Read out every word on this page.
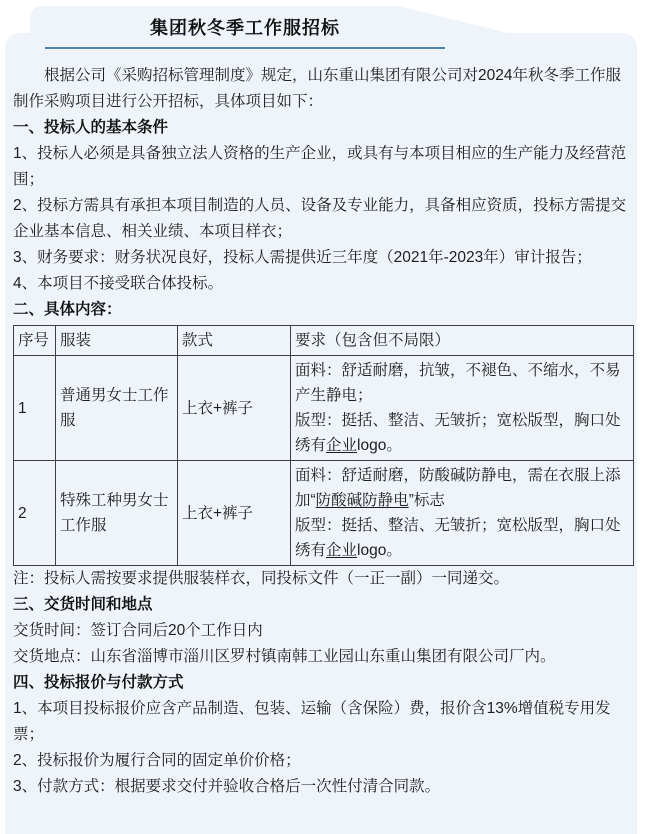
集团秋冬季工作服招标

根据公司《采购招标管理制度》规定，山东重山集团有限公司对2024年秋冬季工作服制作采购项目进行公开招标，具体项目如下：

一、投标人的基本条件

1、投标人必须是具备独立法人资格的生产企业，或具有与本项目相应的生产能力及经营范围；

2、投标方需具有承担本项目制造的人员、设备及专业能力，具备相应资质，投标方需提交企业基本信息、相关业绩、本项目样衣；

3、财务要求：财务状况良好，投标人需提供近三年度（2021年-2023年）审计报告；

4、本项目不接受联合体投标。

二、具体内容：

序号	服装	款式	要求（包含但不局限）
1	普通男女士工作服	上衣+裤子	面料：舒适耐磨，抗皱，不褪色、不缩水，不易产生静电；
版型：挺括、整洁、无皱折；宽松版型，胸口处绣有企业logo。

2	特殊工种男女士工作服	上衣+裤子	面料：舒适耐磨，防酸碱防静电，需在衣服上添加“防酸碱防静电”标志
版型：挺括、整洁、无皱折；宽松版型，胸口处绣有企业logo。

注：投标人需按要求提供服装样衣，同投标文件（一正一副）一同递交。

三、交货时间和地点

交货时间：签订合同后20个工作日内

交货地点：山东省淄博市淄川区罗村镇南韩工业园山东重山集团有限公司厂内。

四、投标报价与付款方式

1、本项目投标报价应含产品制造、包装、运输（含保险）费，报价含13%增值税专用发票；

2、投标报价为履行合同的固定单价价格；

3、付款方式：根据要求交付并验收合格后一次性付清合同款。
